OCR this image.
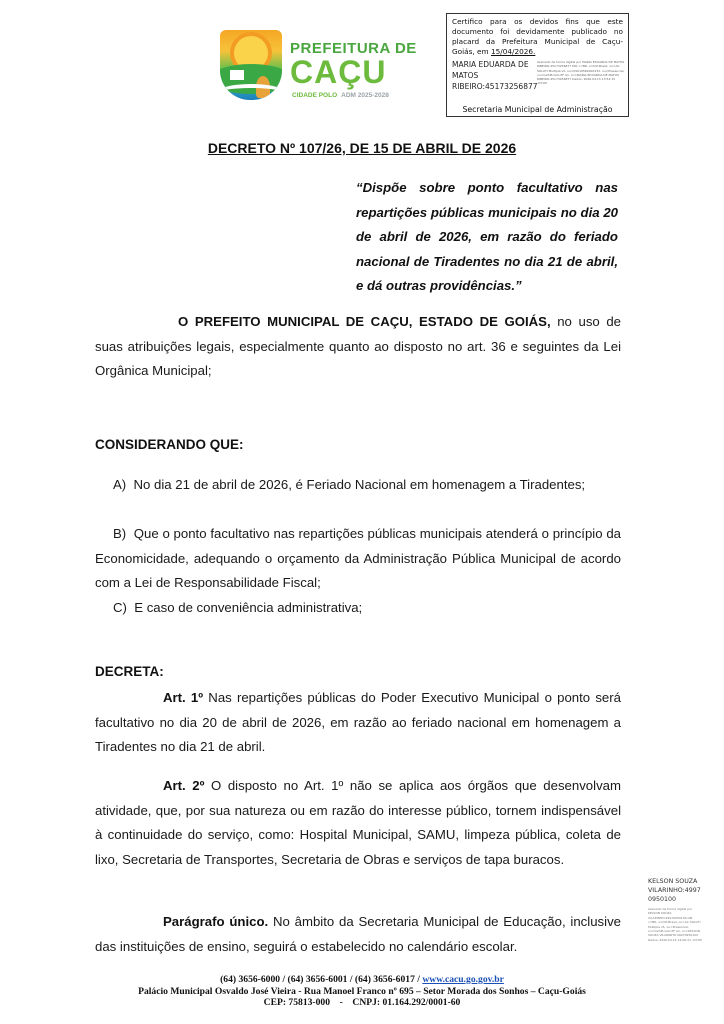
PREFEITURA DE
CAÇU
CIDADE POLO ADM 2025-2028
Certifico para os devidos fins que este documento foi devidamente publicado no placard da Prefeitura Municipal de Caçu-Goiás, em 15/04/2026.
MARIA EDUARDA DE MATOS RIBEIRO:45173256877
Assinado de forma digital por MARIA EDUARDA DE MATOS RIBEIRO:45173256877 DN: c=BR, o=ICP-Brasil, ou=AC SOLUTI Multipla v5, ou=05010582000133, ou=Presencial, ou=Certificado PF A1, cn=MARIA EDUARDA DE MATOS RIBEIRO:45173256877 Dados: 2026.04.15 13:52:15 -03'00'
Secretaria Municipal de Administração
DECRETO Nº 107/26, DE 15 DE ABRIL DE 2026
“Dispõe sobre ponto facultativo nas repartições públicas municipais no dia 20 de abril de 2026, em razão do feriado nacional de Tiradentes no dia 21 de abril, e dá outras providências.”
O PREFEITO MUNICIPAL DE CAÇU, ESTADO DE GOIÁS, no uso de suas atribuições legais, especialmente quanto ao disposto no art. 36 e seguintes da Lei Orgânica Municipal;
CONSIDERANDO QUE:
A) No dia 21 de abril de 2026, é Feriado Nacional em homenagem a Tiradentes;
B) Que o ponto facultativo nas repartições públicas municipais atenderá o princípio da Economicidade, adequando o orçamento da Administração Pública Municipal de acordo com a Lei de Responsabilidade Fiscal;
C) E caso de conveniência administrativa;
DECRETA:
Art. 1º Nas repartições públicas do Poder Executivo Municipal o ponto será facultativo no dia 20 de abril de 2026, em razão ao feriado nacional em homenagem a Tiradentes no dia 21 de abril.
Art. 2º O disposto no Art. 1º não se aplica aos órgãos que desenvolvam atividade, que, por sua natureza ou em razão do interesse público, tornem indispensável à continuidade do serviço, como: Hospital Municipal, SAMU, limpeza pública, coleta de lixo, Secretaria de Transportes, Secretaria de Obras e serviços de tapa buracos.
Parágrafo único. No âmbito da Secretaria Municipal de Educação, inclusive das instituições de ensino, seguirá o estabelecido no calendário escolar.
KELSON SOUZA VILARINHO:49970950100
Assinado de forma digital por KELSON SOUZA VILARINHO:49970950100 DN: c=BR, o=ICP-Brasil, ou=AC SOLUTI Multipla v5, ou=Presencial, ou=Certificado PF A1, cn=KELSON SOUZA VILARINHO:49970950100 Dados: 2026.04.15 14:06:21 -03'00'
(64) 3656-6000 / (64) 3656-6001 / (64) 3656-6017 / www.cacu.go.gov.br
Palácio Municipal Osvaldo José Vieira - Rua Manoel Franco nº 695 – Setor Morada dos Sonhos – Caçu-Goiás
CEP: 75813-000 - CNPJ: 01.164.292/0001-60
